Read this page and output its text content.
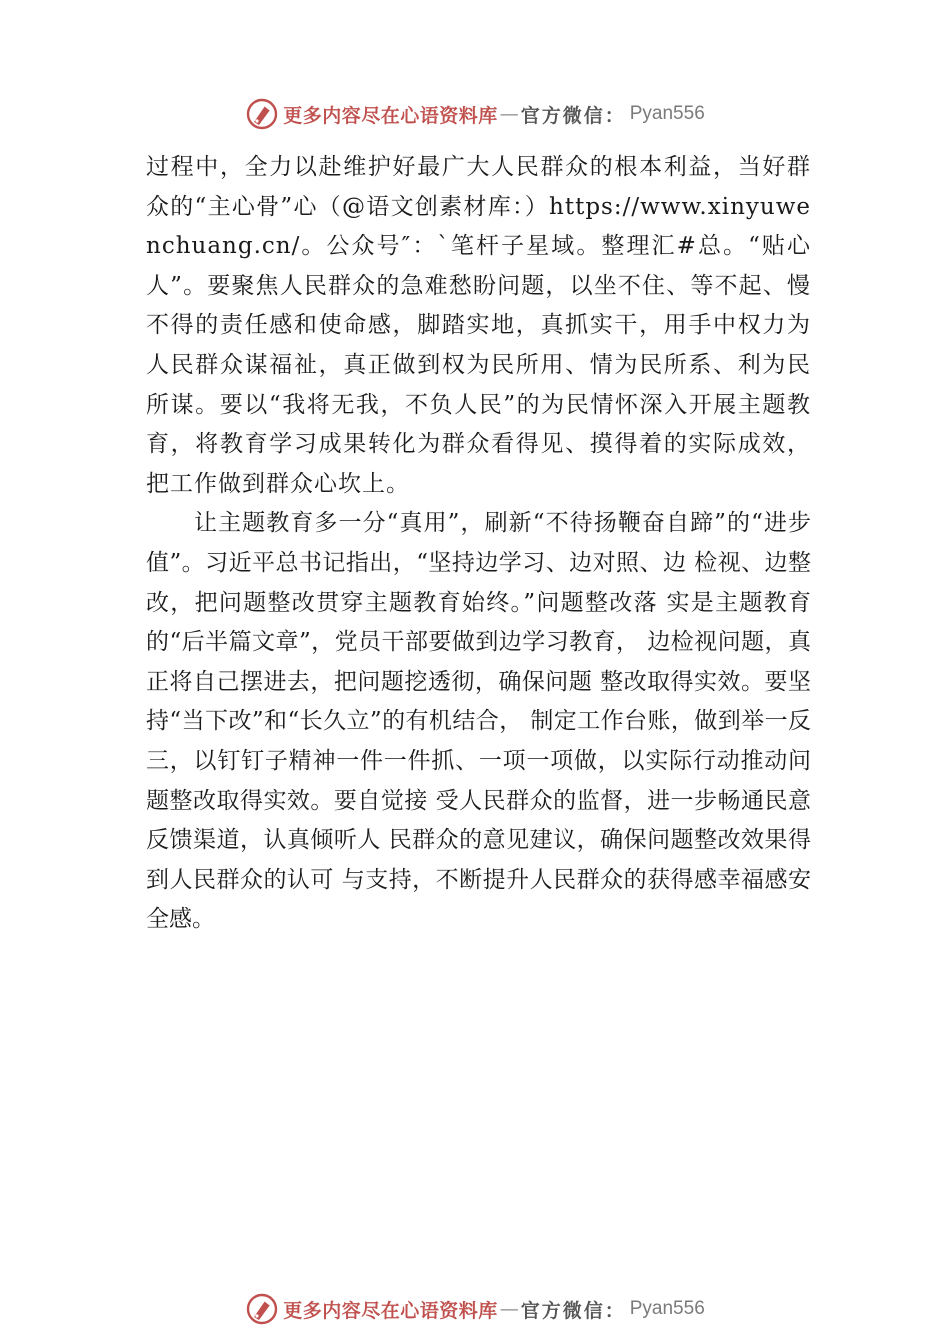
更多内容尽在心语资料库 — 官方微信： Pyan556

过程中，全力以赴维护好最广大人民群众的根本利益，当好群众的“主心骨”心（@语文创素材库：）https://www.xinyuwenchuang.cn/。公众号″：`笔杆子星域。整理汇#总。“贴心人”。要聚焦人民群众的急难愁盼问题，以坐不住、等不起、慢不得的责任感和使命感，脚踏实地，真抓实干，用手中权力为人民群众谋福祉，真正做到权为民所用、情为民所系、利为民所谋。要以“我将无我，不负人民”的为民情怀深入开展主题教育，将教育学习成果转化为群众看得见、摸得着的实际成效，把工作做到群众心坎上。

让主题教育多一分“真用”，刷新“不待扬鞭奋自蹄”的“进步值”。习近平总书记指出，“坚持边学习、边对照、边 检视、边整改，把问题整改贯穿主题教育始终。”问题整改落 实是主题教育的“后半篇文章”，党员干部要做到边学习教育， 边检视问题，真正将自己摆进去，把问题挖透彻，确保问题 整改取得实效。要坚持“当下改”和“长久立”的有机结合， 制定工作台账，做到举一反三，以钉钉子精神一件一件抓、一项一项做，以实际行动推动问题整改取得实效。要自觉接 受人民群众的监督，进一步畅通民意反馈渠道，认真倾听人 民群众的意见建议，确保问题整改效果得到人民群众的认可 与支持，不断提升人民群众的获得感幸福感安全感。

更多内容尽在心语资料库 — 官方微信： Pyan556
